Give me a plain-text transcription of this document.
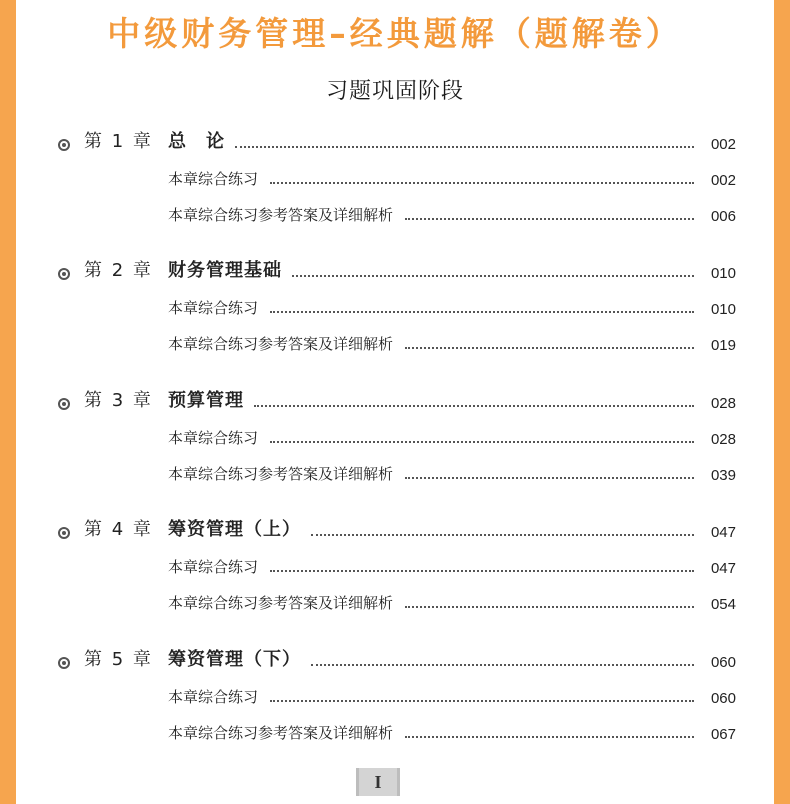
中级财务管理–经典题解（题解卷）
习题巩固阶段
第 1 章 总　论	002
本章综合练习	002
本章综合练习参考答案及详细解析	006
第 2 章 财务管理基础	010
本章综合练习	010
本章综合练习参考答案及详细解析	019
第 3 章 预算管理	028
本章综合练习	028
本章综合练习参考答案及详细解析	039
第 4 章 筹资管理（上）	047
本章综合练习	047
本章综合练习参考答案及详细解析	054
第 5 章 筹资管理（下）	060
本章综合练习	060
本章综合练习参考答案及详细解析	067
I
